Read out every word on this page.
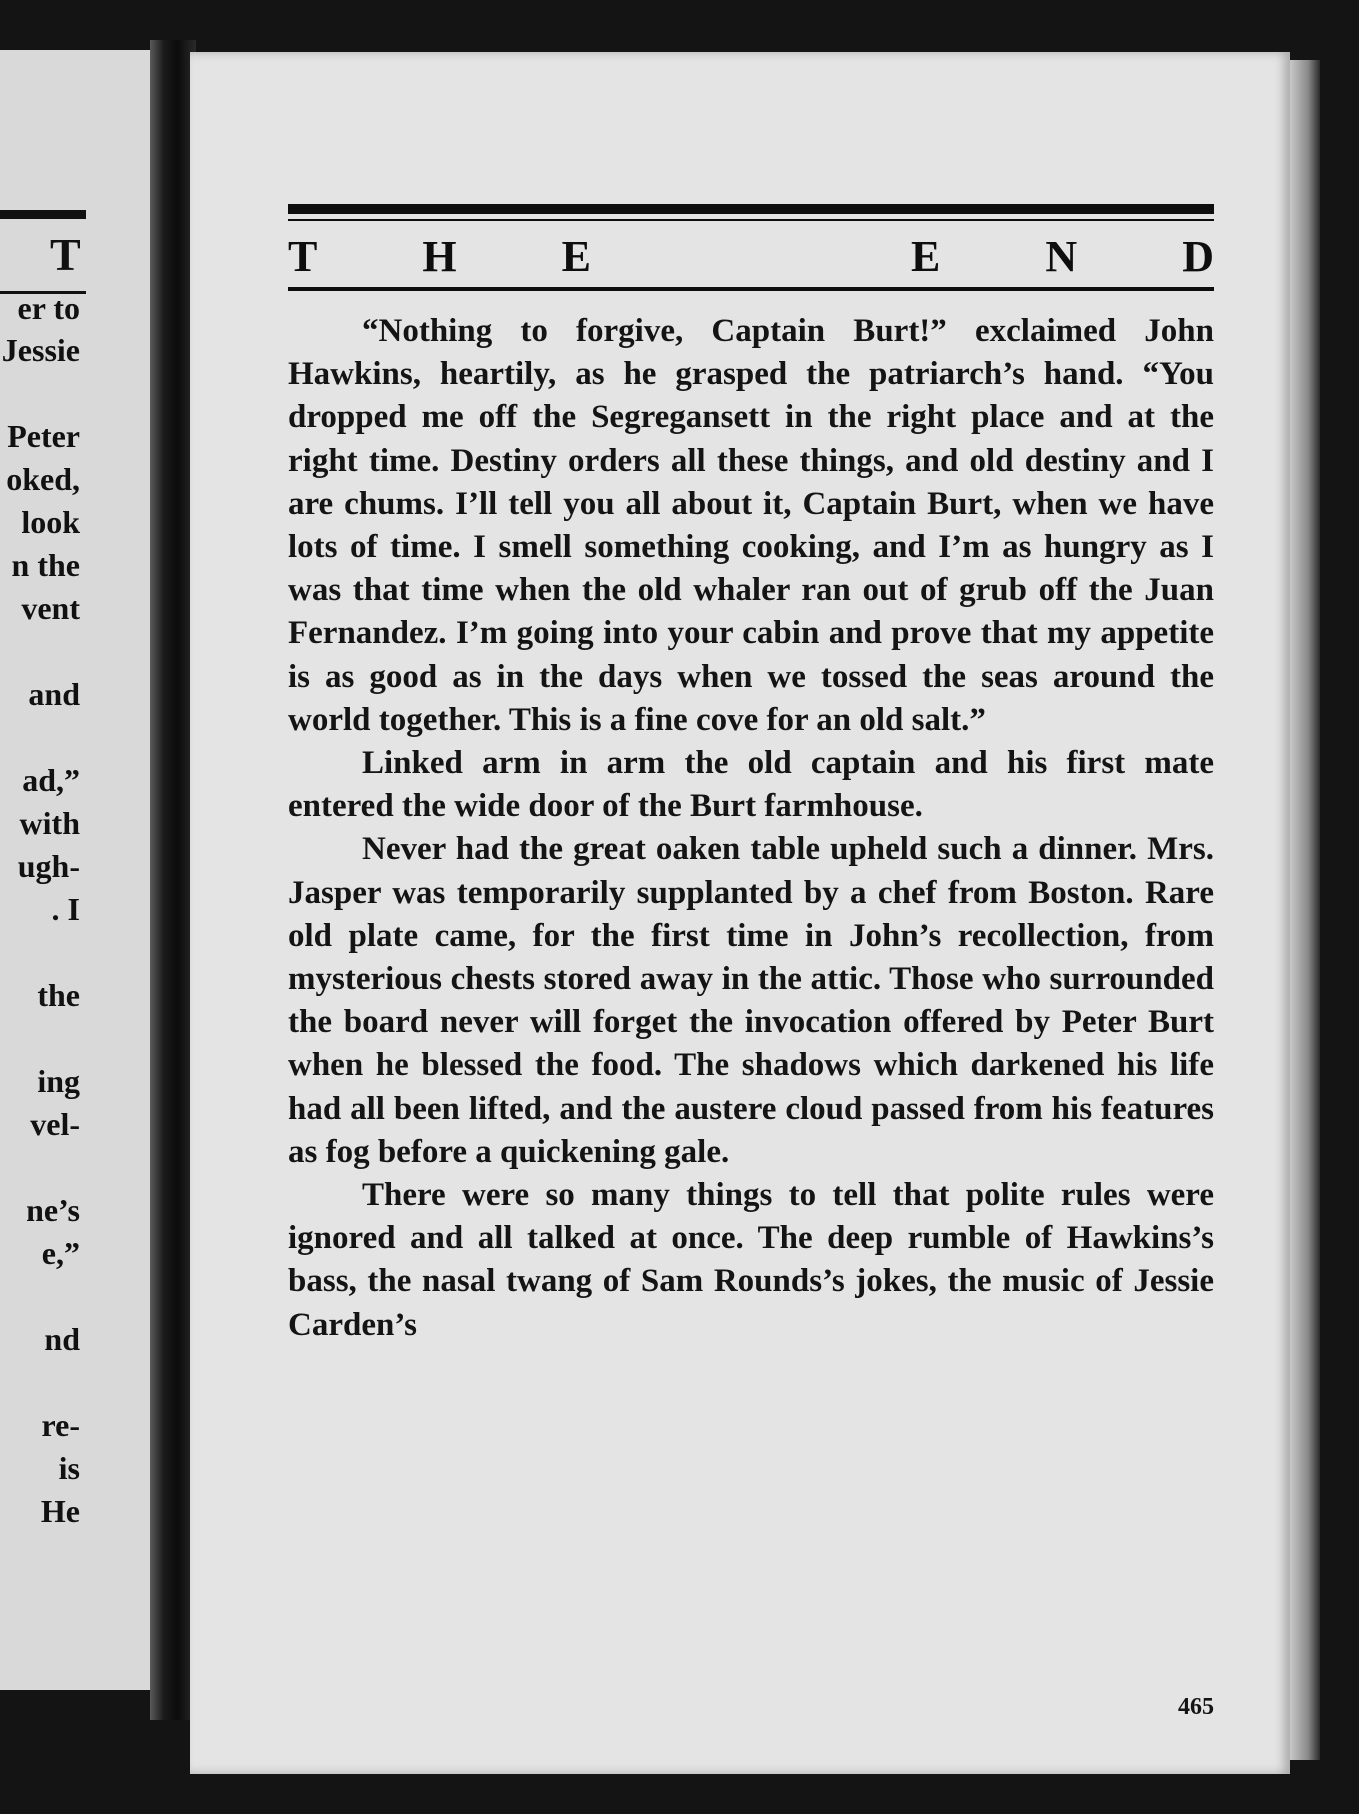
T
er to
Jessie
Peter
oked,
look
n the
vent
and
ad,”
with
ugh-
. I
the
ing
vel-
ne’s
e,”
nd
re-
is
He
T H E	E N D

“Nothing to forgive, Captain Burt!” exclaimed John Hawkins, heartily, as he grasped the patriarch’s hand. “You dropped me off the Segregansett in the right place and at the right time. Destiny orders all these things, and old destiny and I are chums. I’ll tell you all about it, Captain Burt, when we have lots of time. I smell something cooking, and I’m as hungry as I was that time when the old whaler ran out of grub off the Juan Fernandez. I’m going into your cabin and prove that my appetite is as good as in the days when we tossed the seas around the world together. This is a fine cove for an old salt.”

Linked arm in arm the old captain and his first mate entered the wide door of the Burt farmhouse.

Never had the great oaken table upheld such a dinner. Mrs. Jasper was temporarily supplanted by a chef from Boston. Rare old plate came, for the first time in John’s recollection, from mysterious chests stored away in the attic. Those who surrounded the board never will forget the invocation offered by Peter Burt when he blessed the food. The shadows which darkened his life had all been lifted, and the austere cloud passed from his features as fog before a quickening gale.

There were so many things to tell that polite rules were ignored and all talked at once. The deep rumble of Hawkins’s bass, the nasal twang of Sam Rounds’s jokes, the music of Jessie Carden’s

465
